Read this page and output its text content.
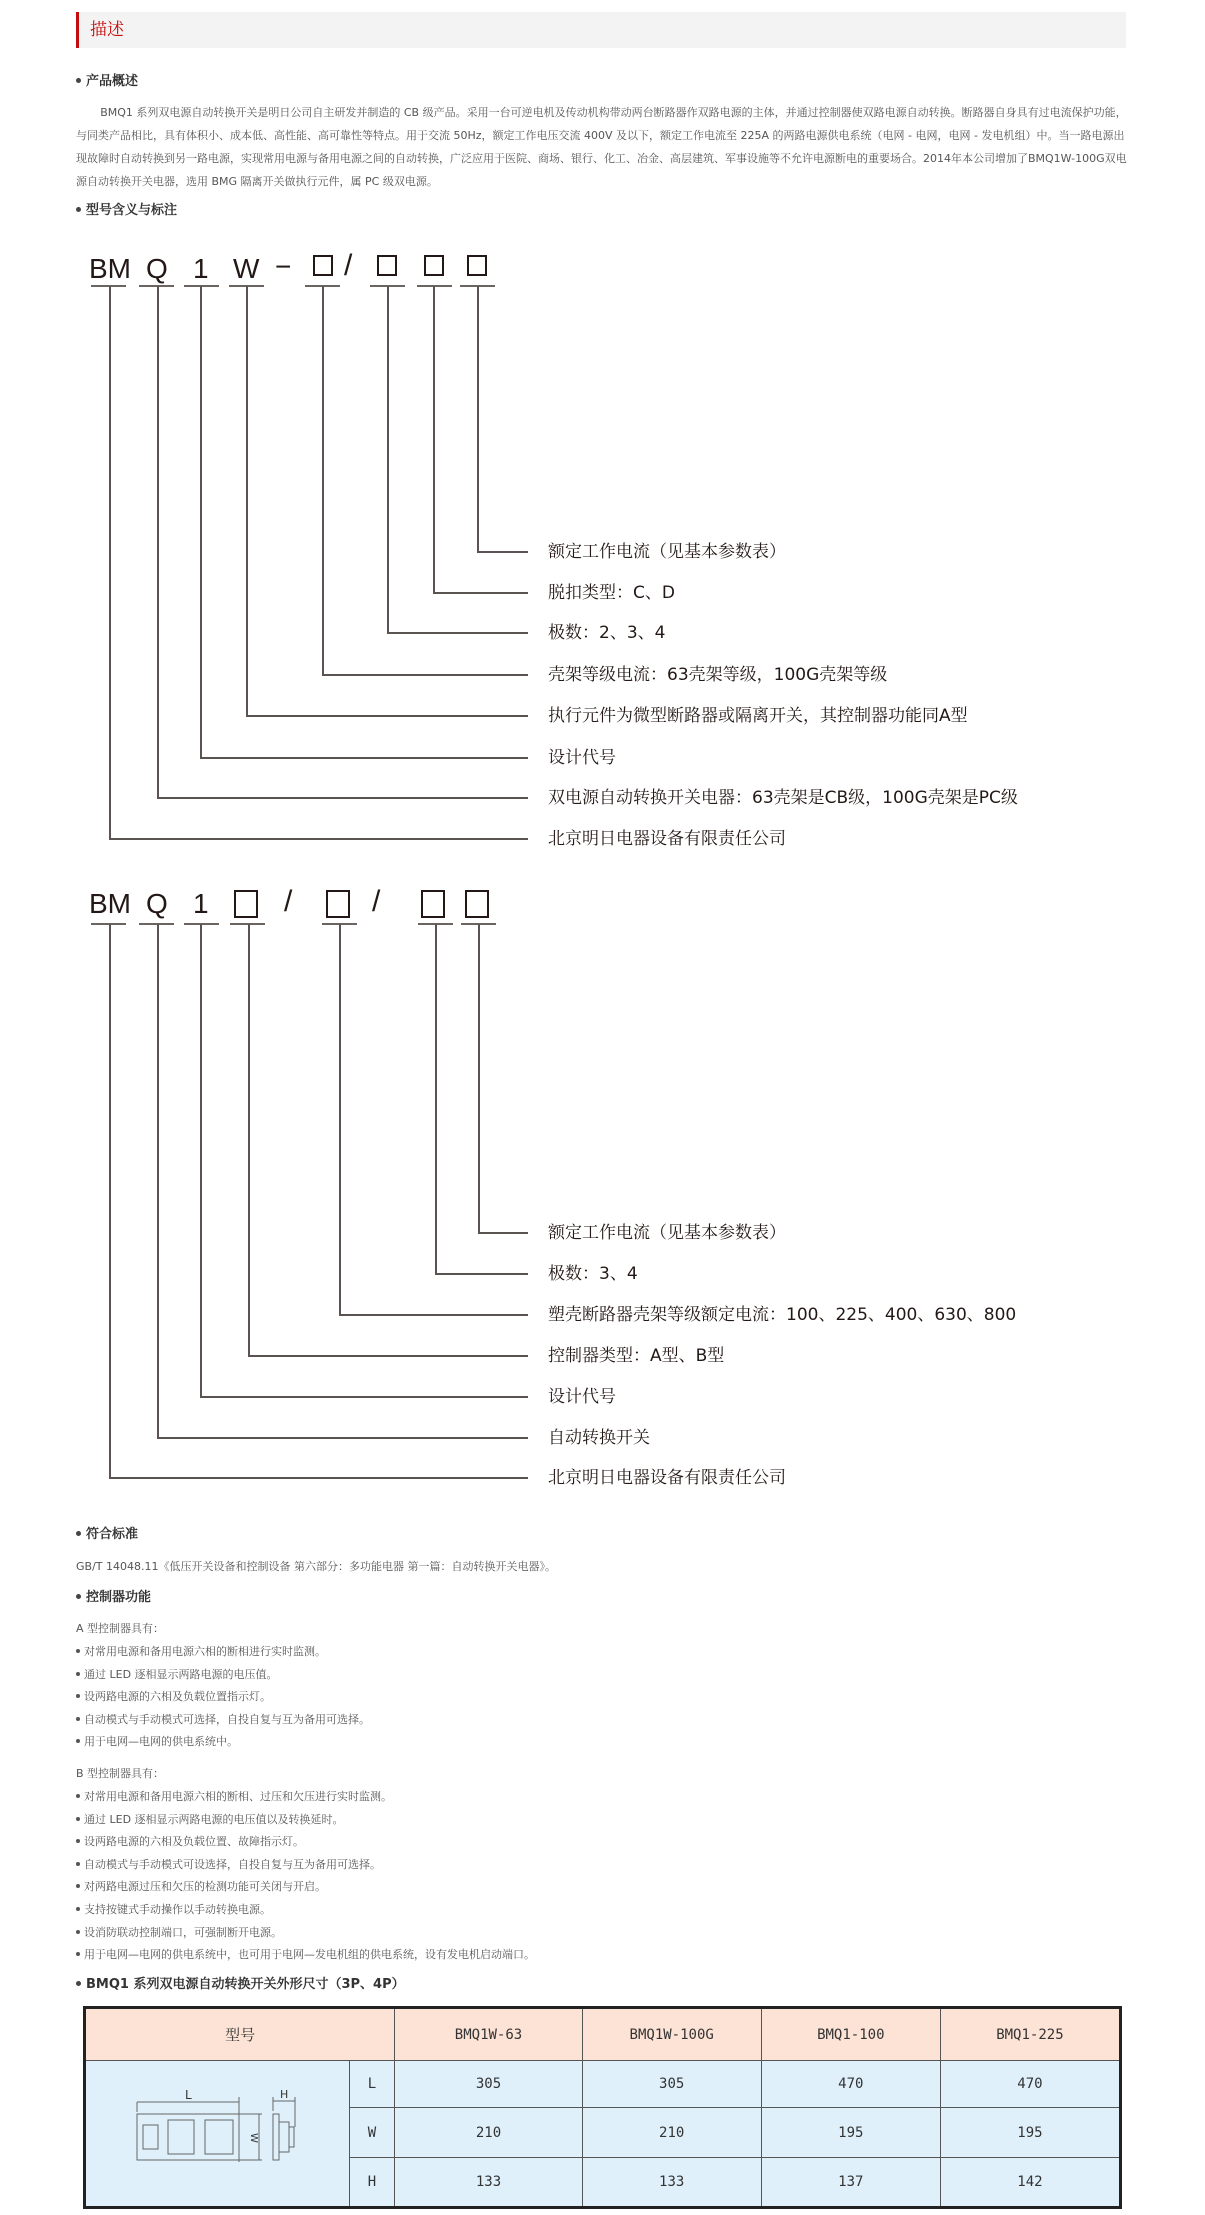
描述
产品概述
BMQ1 系列双电源自动转换开关是明日公司自主研发并制造的 CB 级产品。采用一台可逆电机及传动机构带动两台断路器作双路电源的主体，并通过控制器使双路电源自动转换。断路器自身具有过电流保护功能，与同类产品相比，具有体积小、成本低、高性能、高可靠性等特点。用于交流 50Hz，额定工作电压交流 400V 及以下，额定工作电流至 225A 的两路电源供电系统（电网 - 电网，电网 - 发电机组）中。当一路电源出现故障时自动转换到另一路电源，实现常用电源与备用电源之间的自动转换，广泛应用于医院、商场、银行、化工、冶金、高层建筑、军事设施等不允许电源断电的重要场合。2014年本公司增加了BMQ1W-100G双电源自动转换开关电器，选用 BMG 隔离开关做执行元件，属 PC 级双电源。
型号含义与标注
BM Q 1 W − /
额定工作电流（见基本参数表）
脱扣类型：C、D
极数：2、3、4
壳架等级电流：63壳架等级，100G壳架等级
执行元件为微型断路器或隔离开关，其控制器功能同A型
设计代号
双电源自动转换开关电器：63壳架是CB级，100G壳架是PC级
北京明日电器设备有限责任公司
BM Q 1	/	/
额定工作电流（见基本参数表）
极数：3、4
塑壳断路器壳架等级额定电流：100、225、400、630、800
控制器类型：A型、B型
设计代号
自动转换开关
北京明日电器设备有限责任公司
符合标准
GB/T 14048.11《低压开关设备和控制设备 第六部分：多功能电器 第一篇：自动转换开关电器》。
控制器功能
A 型控制器具有：
对常用电源和备用电源六相的断相进行实时监测。
通过 LED 逐相显示两路电源的电压值。
设两路电源的六相及负载位置指示灯。
自动模式与手动模式可选择，自投自复与互为备用可选择。
用于电网—电网的供电系统中。
B 型控制器具有：
对常用电源和备用电源六相的断相、过压和欠压进行实时监测。
通过 LED 逐相显示两路电源的电压值以及转换延时。
设两路电源的六相及负载位置、故障指示灯。
自动模式与手动模式可设选择，自投自复与互为备用可选择。
对两路电源过压和欠压的检测功能可关闭与开启。
支持按键式手动操作以手动转换电源。
设消防联动控制端口，可强制断开电源。
用于电网—电网的供电系统中，也可用于电网—发电机组的供电系统，设有发电机启动端口。
BMQ1 系列双电源自动转换开关外形尺寸（3P、4P）
型号		BMQ1W-63	BMQ1W-100G	BMQ1-100	BMQ1-225

L H
W	L	305	305	470	470
	W	210	210	195	195
	H	133	133	137	142
